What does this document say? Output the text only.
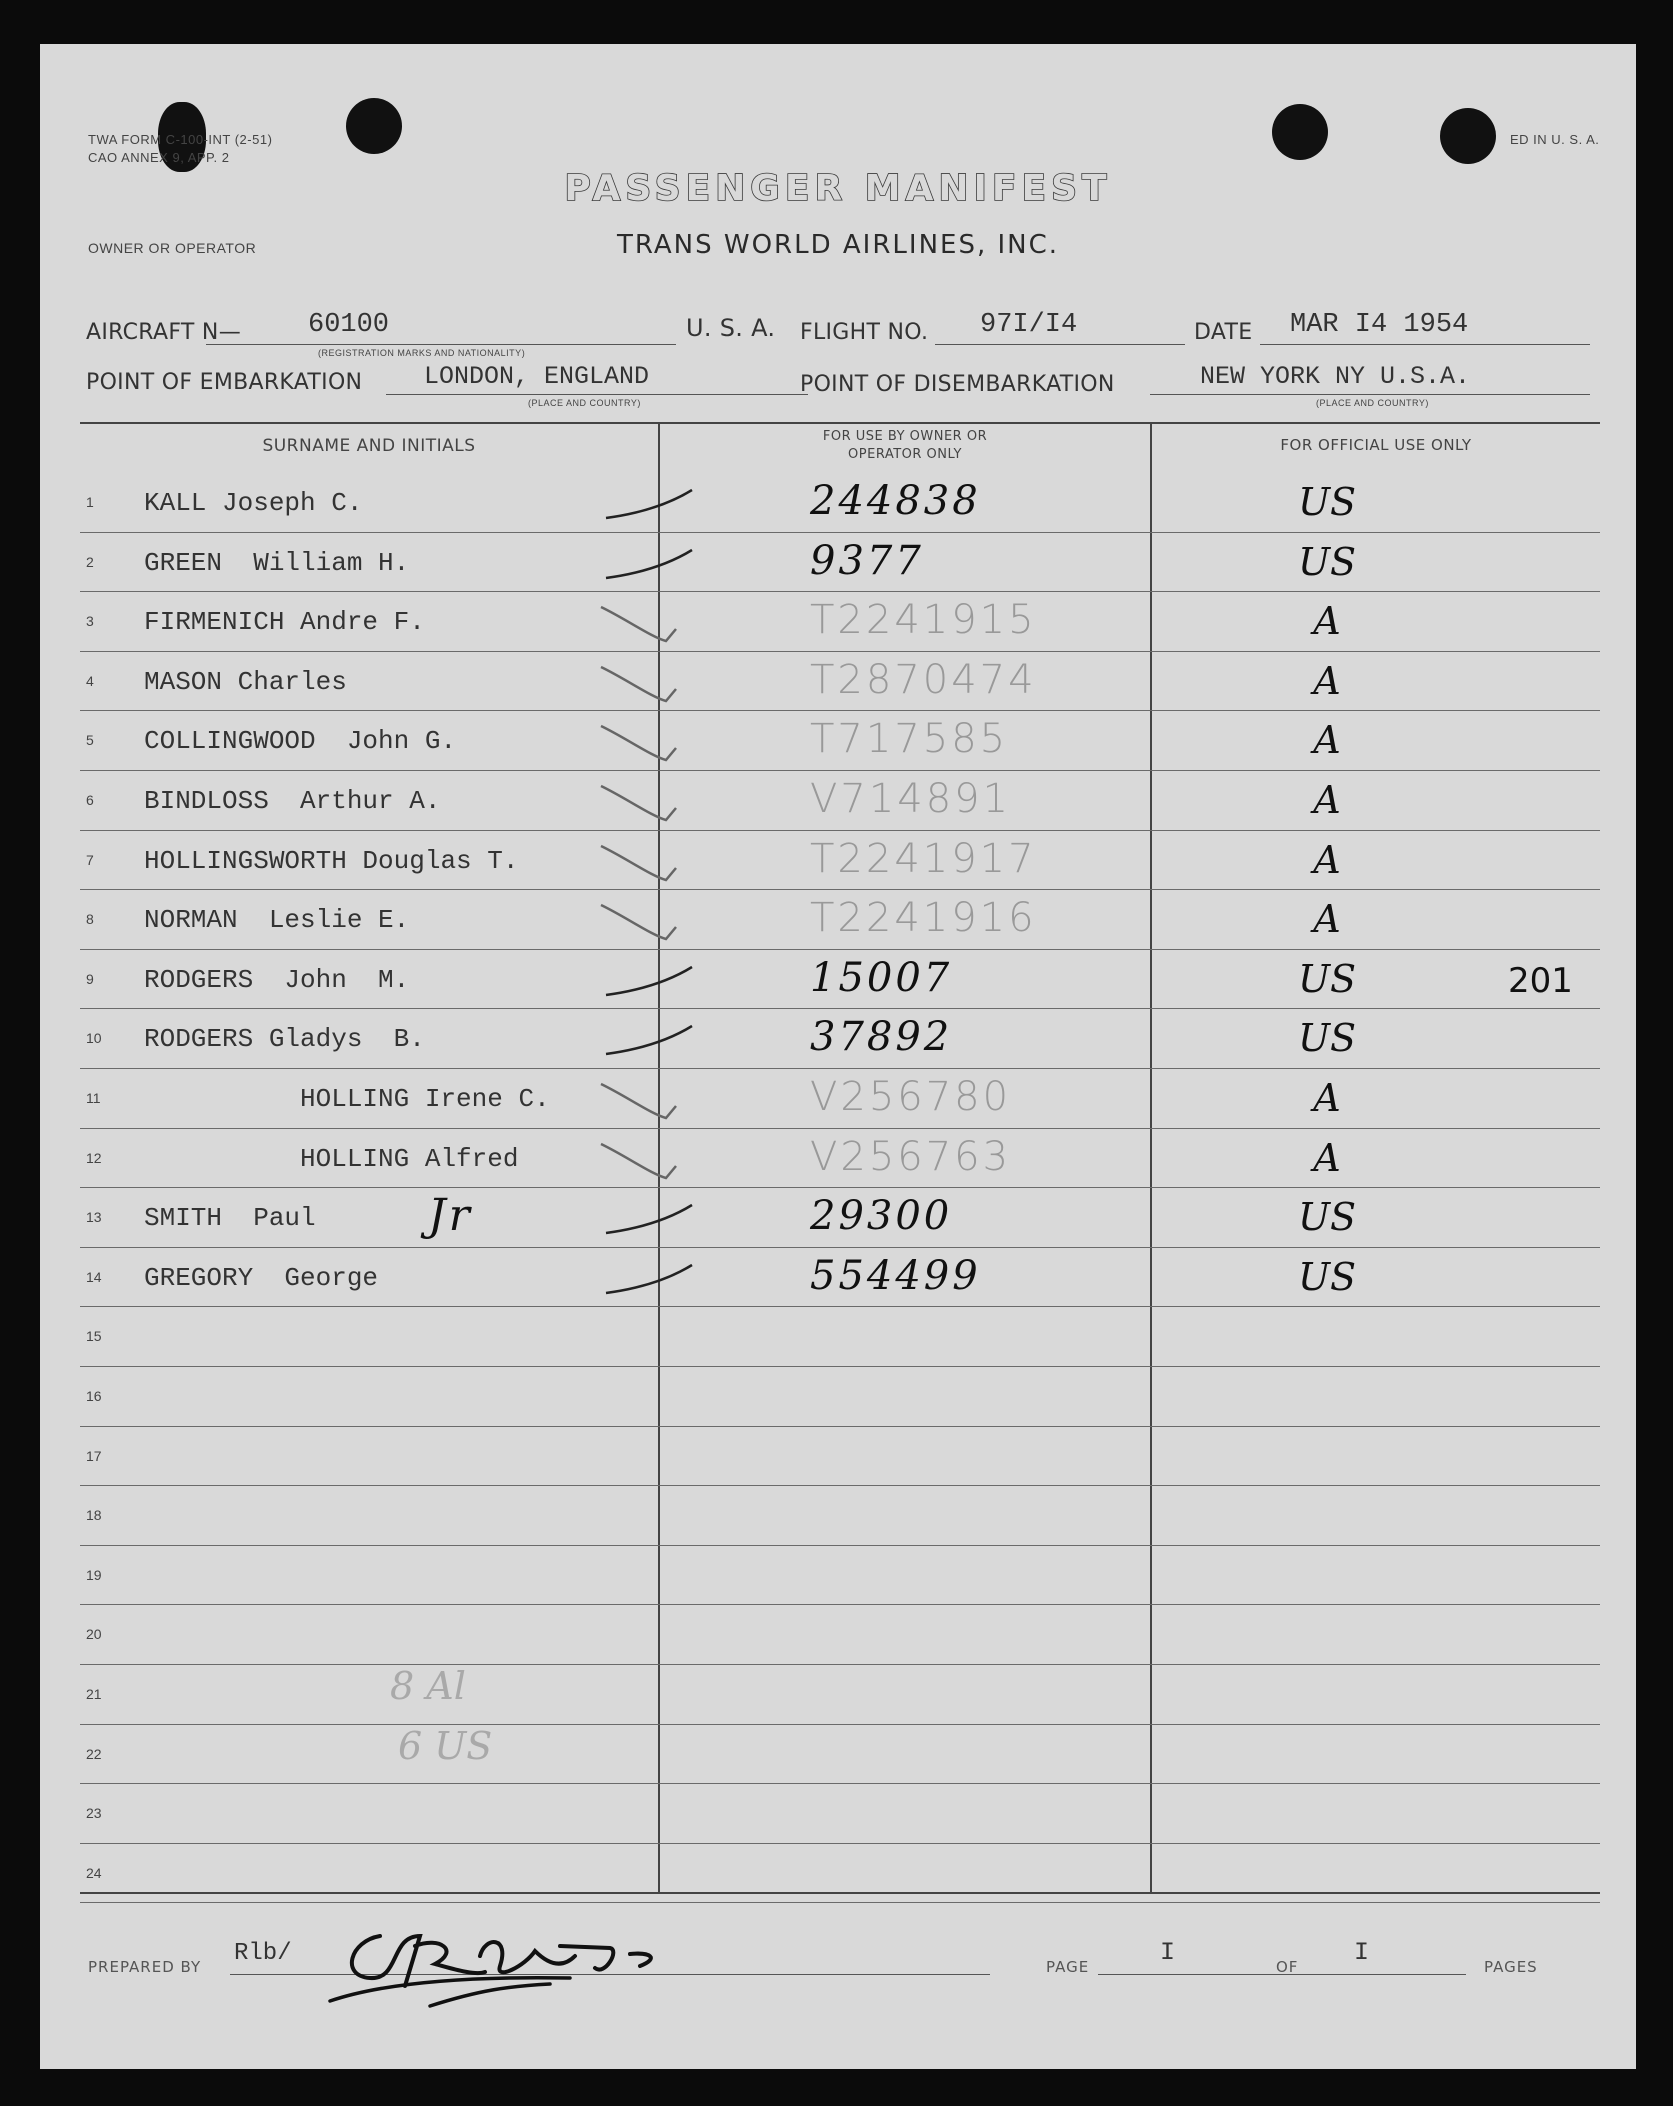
TWA FORM C-100-INT (2-51)
CAO ANNEX 9, APP. 2
ED IN U. S. A.
OWNER OR OPERATOR
PASSENGER MANIFEST
TRANS WORLD AIRLINES, INC.
AIRCRAFT N— 60100
(REGISTRATION MARKS AND NATIONALITY)
U. S. A. FLIGHT NO. 97I/I4	DATE MAR I4 1954
POINT OF EMBARKATION LONDON, ENGLAND
(PLACE AND COUNTRY)
POINT OF DISEMBARKATION	NEW YORK NY U.S.A.
(PLACE AND COUNTRY)
SURNAME AND INITIALS	FOR USE BY OWNER OR OPERATOR ONLY
FOR OFFICIAL USE ONLY
1	KALL Joseph C.	244838	US
2	GREEN  William H.	9377	US
3	FIRMENICH Andre F.	T2241915	A
4	MASON Charles	T2870474	A
5	COLLINGWOOD  John G.	T717585	A
6	BINDLOSS  Arthur A.	V714891	A
7	HOLLINGSWORTH Douglas T.	T2241917	A
8	NORMAN  Leslie E.	T2241916	A
9	RODGERS  John  M.	15007	US	201
10	RODGERS Gladys  B.	37892	US
11	HOLLING Irene C.	V256780	A
12	HOLLING Alfred	V256763	A
13	SMITH  Paul	29300	US
14	GREGORY  George	554499	US
15
16
17
18
19
20
21
22
23
24
Jr
8 Al
6 US
PREPARED BY Rlb/	PAGE	I	OF I	PAGES
